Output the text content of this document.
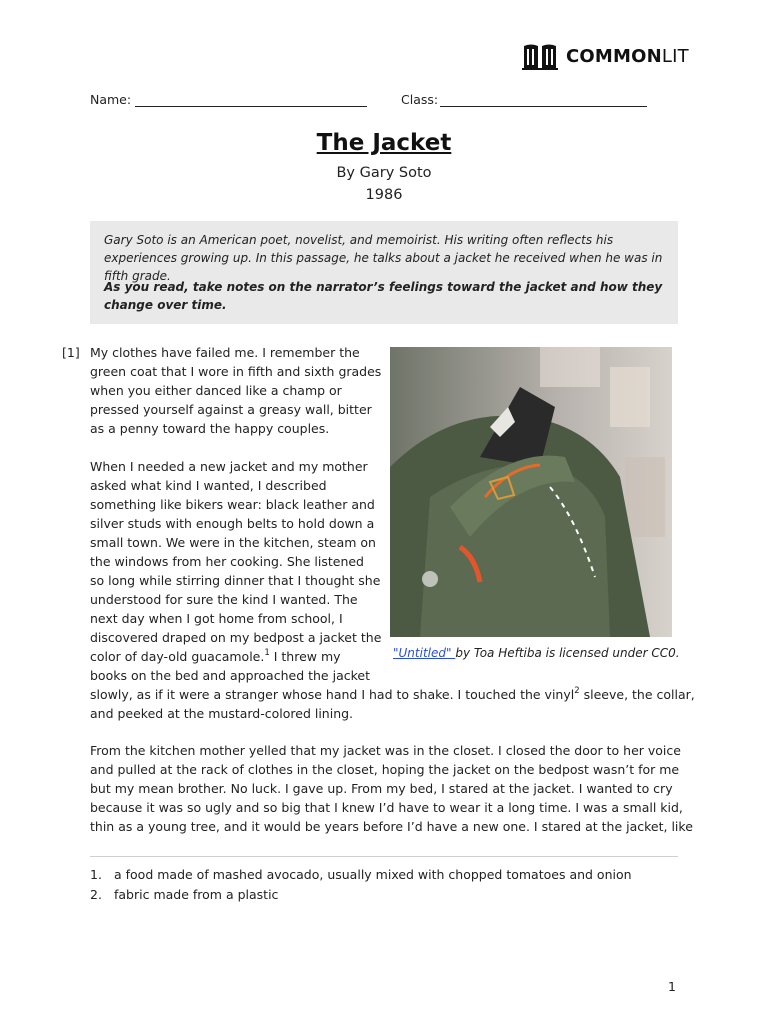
COMMONLIT
Name:	Class:
The Jacket
By Gary Soto
1986
Gary Soto is an American poet, novelist, and memoirist. His writing often reflects his experiences growing up. In this passage, he talks about a jacket he received when he was in fifth grade.
As you read, take notes on the narrator’s feelings toward the jacket and how they change over time.
[1] My clothes have failed me. I remember the
green coat that I wore in fifth and sixth grades
when you either danced like a champ or
pressed yourself against a greasy wall, bitter
as a penny toward the happy couples.
When I needed a new jacket and my mother
asked what kind I wanted, I described
something like bikers wear: black leather and
silver studs with enough belts to hold down a
small town. We were in the kitchen, steam on
the windows from her cooking. She listened
so long while stirring dinner that I thought she
understood for sure the kind I wanted. The
next day when I got home from school, I
discovered draped on my bedpost a jacket the
color of day-old guacamole.$^1$ I threw my
books on the bed and approached the jacket
slowly, as if it were a stranger whose hand I had to shake. I touched the vinyl$^2$ sleeve, the collar,
and peeked at the mustard-colored lining.
From the kitchen mother yelled that my jacket was in the closet. I closed the door to her voice
and pulled at the rack of clothes in the closet, hoping the jacket on the bedpost wasn’t for me
but my mean brother. No luck. I gave up. From my bed, I stared at the jacket. I wanted to cry
because it was so ugly and so big that I knew I’d have to wear it a long time. I was a small kid,
thin as a young tree, and it would be years before I’d have a new one. I stared at the jacket, like
"Untitled" by Toa Heftiba is licensed under CC0.
1. a food made of mashed avocado, usually mixed with chopped tomatoes and onion
2. fabric made from a plastic
1
